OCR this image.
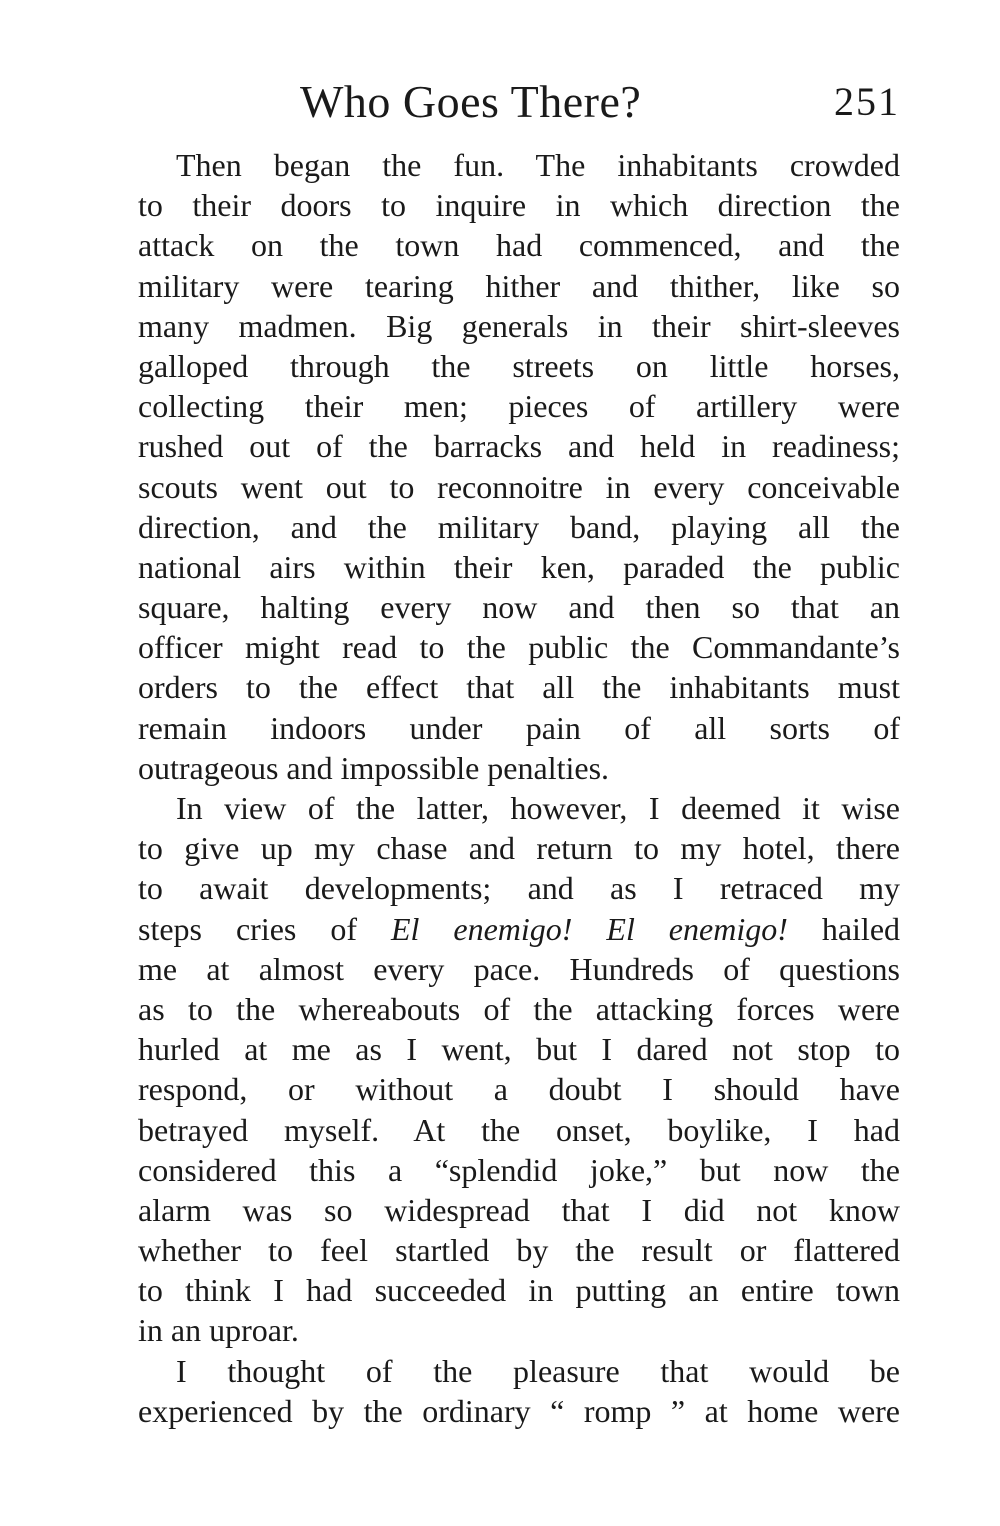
Who Goes There?	251

Then began the fun. The inhabitants crowded
to their doors to inquire in which direction the
attack on the town had commenced, and the
military were tearing hither and thither, like so
many madmen. Big generals in their shirt-sleeves
galloped through the streets on little horses,
collecting their men; pieces of artillery were
rushed out of the barracks and held in readiness;
scouts went out to reconnoitre in every conceivable
direction, and the military band, playing all the
national airs within their ken, paraded the public
square, halting every now and then so that an
officer might read to the public the Commandante’s
orders to the effect that all the inhabitants must
remain indoors under pain of all sorts of
outrageous and impossible penalties.

In view of the latter, however, I deemed it wise
to give up my chase and return to my hotel, there
to await developments; and as I retraced my
steps cries of El enemigo! El enemigo! hailed
me at almost every pace. Hundreds of questions
as to the whereabouts of the attacking forces were
hurled at me as I went, but I dared not stop to
respond, or without a doubt I should have
betrayed myself. At the onset, boylike, I had
considered this a “splendid joke,” but now the
alarm was so widespread that I did not know
whether to feel startled by the result or flattered
to think I had succeeded in putting an entire town
in an uproar.

I thought of the pleasure that would be
experienced by the ordinary “ romp ” at home were
